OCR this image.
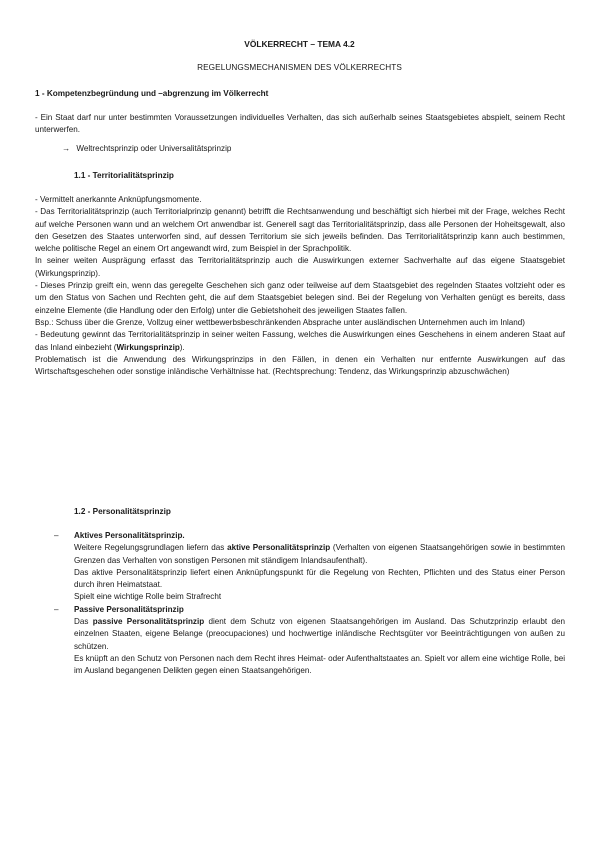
VÖLKERRECHT – TEMA 4.2
REGELUNGSMECHANISMEN DES VÖLKERRECHTS
1 - Kompetenzbegründung und –abgrenzung im Völkerrecht

- Ein Staat darf nur unter bestimmten Voraussetzungen individuelles Verhalten, das sich außerhalb seines Staatsgebietes abspielt, seinem Recht unterwerfen.

→ Weltrechtsprinzip oder Universalitätsprinzip
1.1 - Territorialitätsprinzip

- Vermittelt anerkannte Anknüpfungsmomente.

- Das Territorialitätsprinzip (auch Territorialprinzip genannt) betrifft die Rechtsanwendung und beschäftigt sich hierbei mit der Frage, welches Recht auf welche Personen wann und an welchem Ort anwendbar ist. Generell sagt das Territorialitätsprinzip, dass alle Personen der Hoheitsgewalt, also den Gesetzen des Staates unterworfen sind, auf dessen Territorium sie sich jeweils befinden. Das Territorialitätsprinzip kann auch bestimmen, welche politische Regel an einem Ort angewandt wird, zum Beispiel in der Sprachpolitik.

In seiner weiten Ausprägung erfasst das Territorialitätsprinzip auch die Auswirkungen externer Sachverhalte auf das eigene Staatsgebiet (Wirkungsprinzip).

- Dieses Prinzip greift ein, wenn das geregelte Geschehen sich ganz oder teilweise auf dem Staatsgebiet des regelnden Staates voltzieht oder es um den Status von Sachen und Rechten geht, die auf dem Staatsgebiet belegen sind. Bei der Regelung von Verhalten genügt es bereits, dass einzelne Elemente (die Handlung oder den Erfolg) unter die Gebietshoheit des jeweiligen Staates fallen.

Bsp.: Schuss über die Grenze, Vollzug einer wettbewerbsbeschränkenden Absprache unter ausländischen Unternehmen auch im Inland)

- Bedeutung gewinnt das Territorialitätsprinzip in seiner weiten Fassung, welches die Auswirkungen eines Geschehens in einem anderen Staat auf das Inland einbezieht (Wirkungsprinzip).

Problematisch ist die Anwendung des Wirkungsprinzips in den Fällen, in denen ein Verhalten nur entfernte Auswirkungen auf das Wirtschaftsgeschehen oder sonstige inländische Verhältnisse hat. (Rechtsprechung: Tendenz, das Wirkungsprinzip abzuschwächen)

1.2 - Personalitätsprinzip
– Aktives Personalitätsprinzip.

Weitere Regelungsgrundlagen liefern das aktive Personalitätsprinzip (Verhalten von eigenen Staatsangehörigen sowie in bestimmten Grenzen das Verhalten von sonstigen Personen mit ständigem Inlandsaufenthalt).

Das aktive Personalitätsprinzip liefert einen Anknüpfungspunkt für die Regelung von Rechten, Pflichten und des Status einer Person durch ihren Heimatstaat.

Spielt eine wichtige Rolle beim Strafrecht

– Passive Personalitätsprinzip

Das passive Personalitätsprinzip dient dem Schutz von eigenen Staatsangehörigen im Ausland. Das Schutzprinzip erlaubt den einzelnen Staaten, eigene Belange (preocupaciones) und hochwertige inländische Rechtsgüter vor Beeinträchtigungen von außen zu schützen.

Es knüpft an den Schutz von Personen nach dem Recht ihres Heimat- oder Aufenthaltstaates an. Spielt vor allem eine wichtige Rolle, bei im Ausland begangenen Delikten gegen einen Staatsangehörigen.
